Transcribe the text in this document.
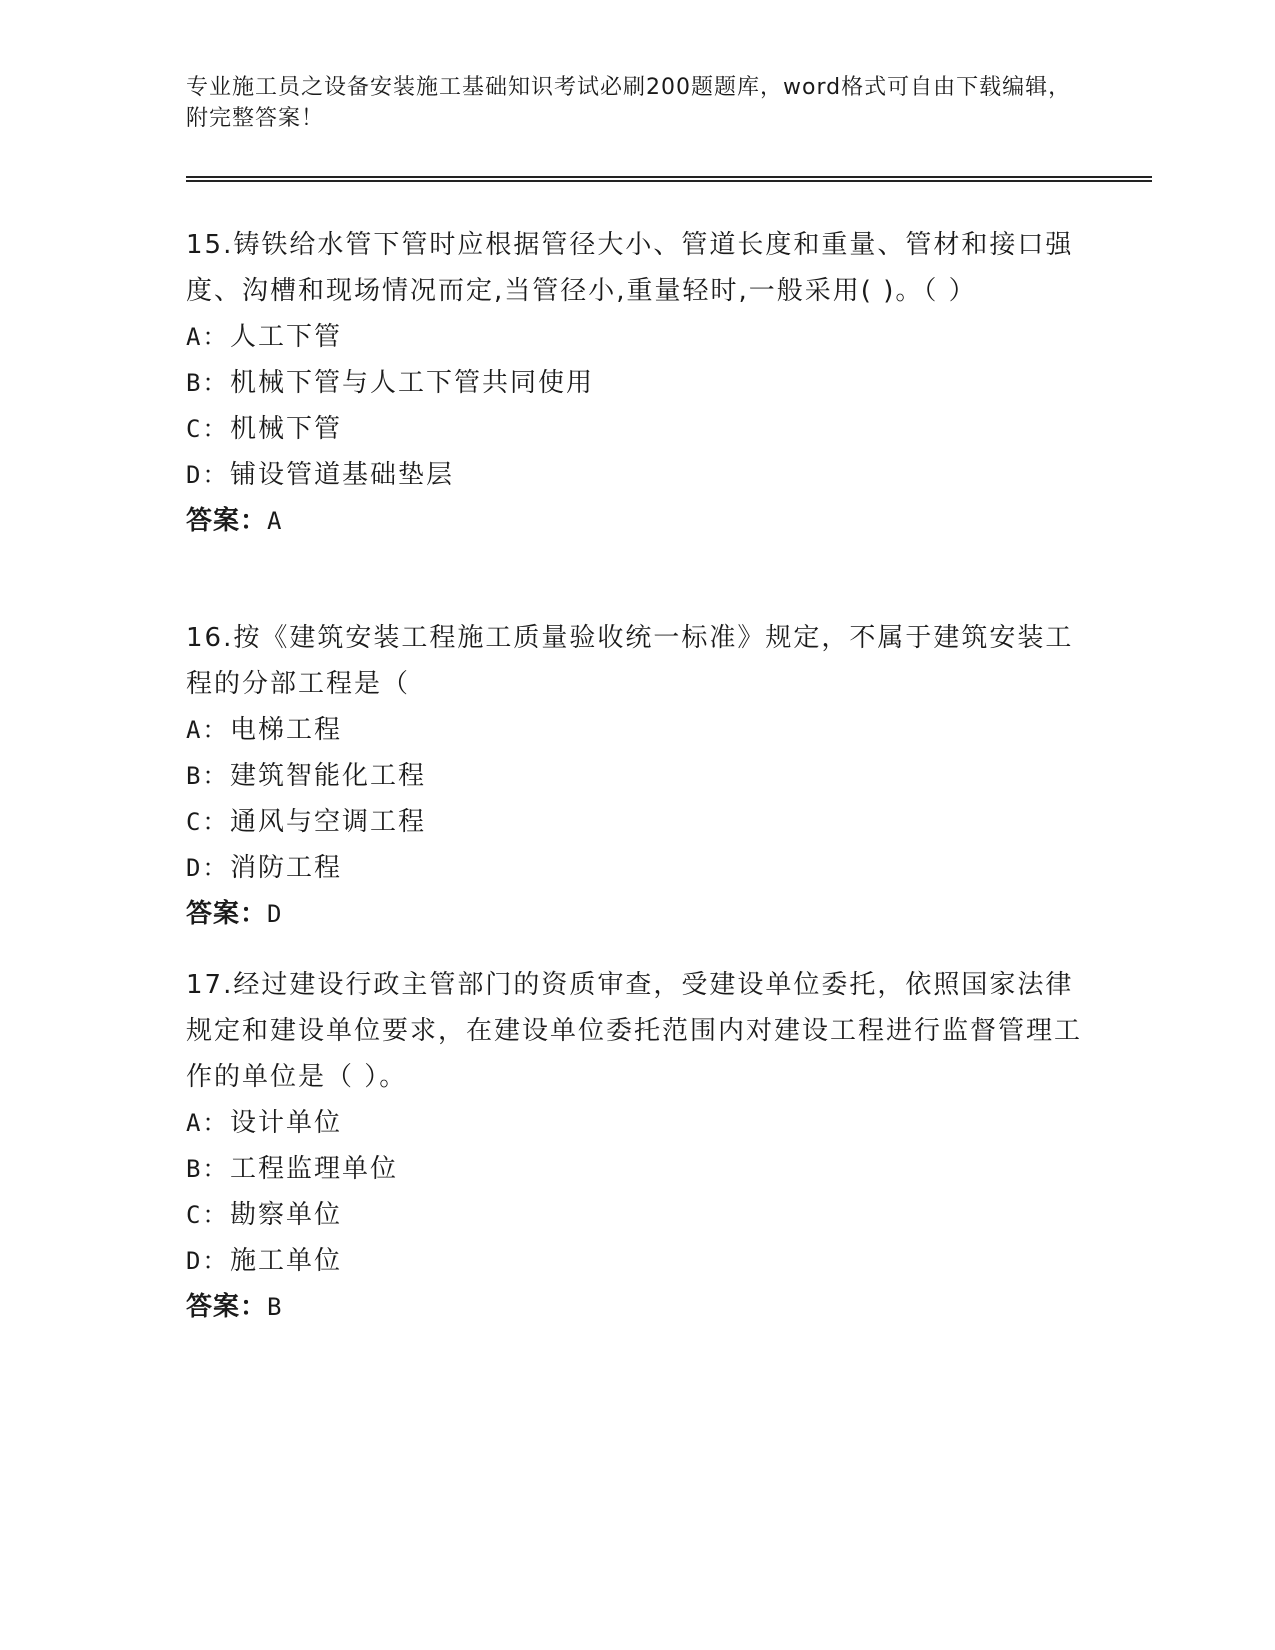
专业施工员之设备安装施工基础知识考试必刷200题题库，word格式可自由下载编辑，附完整答案！

15.铸铁给水管下管时应根据管径大小、管道长度和重量、管材和接口强度、沟槽和现场情况而定,当管径小,重量轻时,一般采用( )。（ ）

A：人工下管

B：机械下管与人工下管共同使用

C：机械下管

D：铺设管道基础垫层

答案：A

16.按《建筑安装工程施工质量验收统一标准》规定，不属于建筑安装工程的分部工程是（

A：电梯工程

B：建筑智能化工程

C：通风与空调工程

D：消防工程

答案：D

17.经过建设行政主管部门的资质审查，受建设单位委托，依照国家法律规定和建设单位要求，在建设单位委托范围内对建设工程进行监督管理工作的单位是（ ）。

A：设计单位

B：工程监理单位

C：勘察单位

D：施工单位

答案：B
